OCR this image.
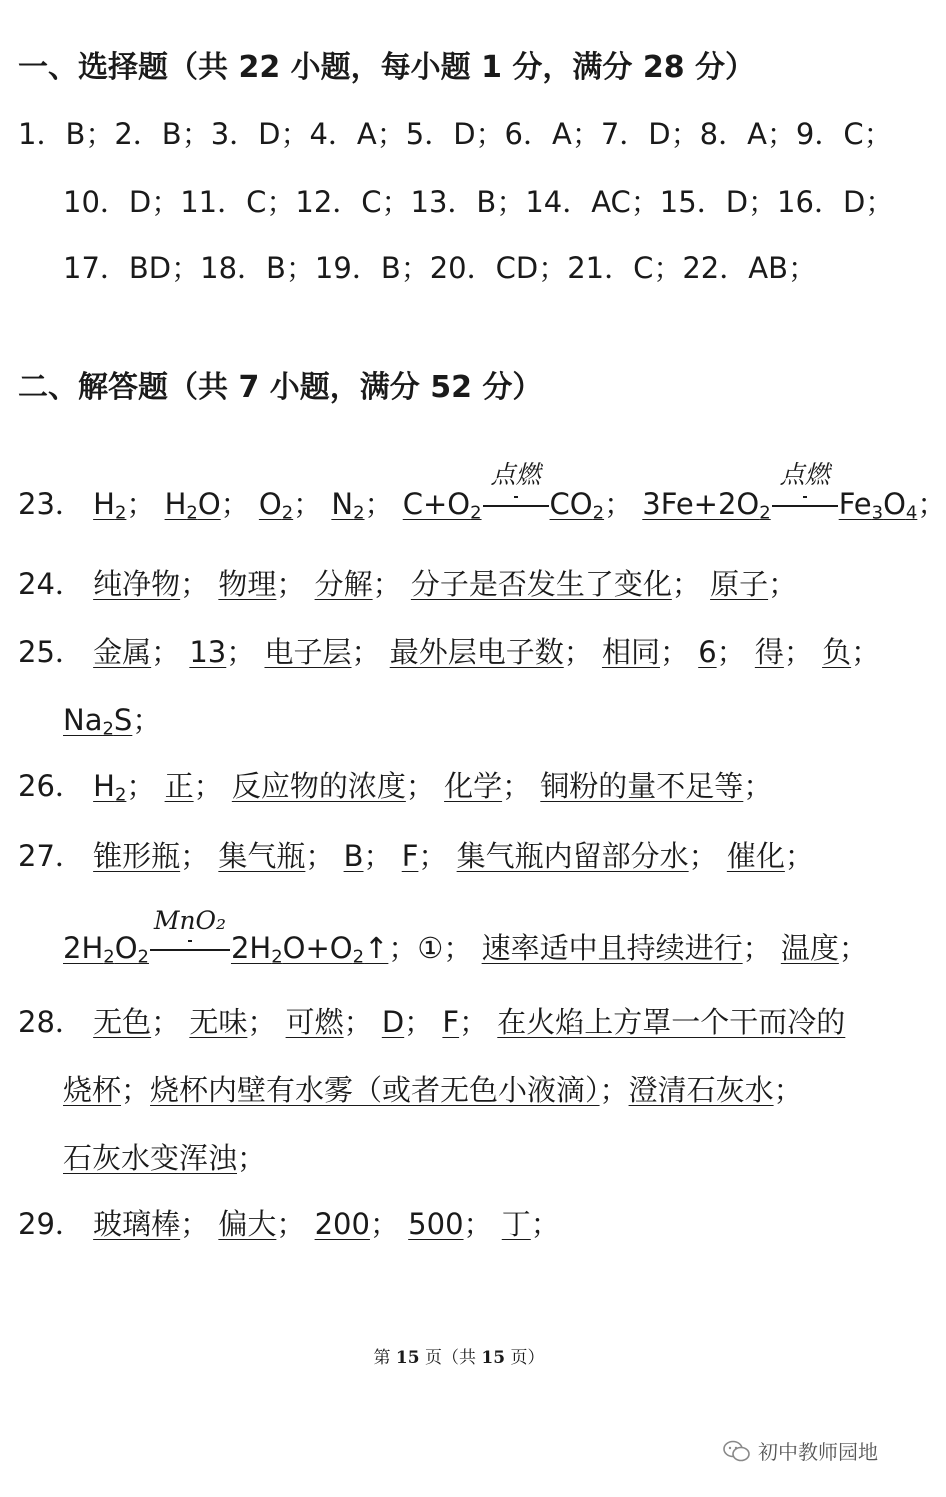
一、选择题（共 22 小题，每小题 1 分，满分 28 分）
1．B；2．B；3．D；4．A；5．D；6．A；7．D；8．A；9．C；
10．D；11．C；12．C；13．B；14．AC；15．D；16．D；
17．BD；18．B；19．B；20．CD；21．C；22．AB；
二、解答题（共 7 小题，满分 52 分）
23． $H_2$； $H_2O$； $O_2$； $N_2$； $C+O_2$
点燃
$CO_2$； $3Fe+2O_2$
点燃
$Fe_3O_4$；
24． 纯净物； 物理； 分解； 分子是否发生了变化； 原子；
25． 金属； 13； 电子层； 最外层电子数； 相同； 6； 得； 负；
$Na_2S$；
26． $H_2$； 正； 反应物的浓度； 化学； 铜粉的量不足等；
27． 锥形瓶； 集气瓶； B； F； 集气瓶内留部分水； 催化；
$2H_2O_2$
MnO₂
$2H_2O+O_2↑$；①； 速率适中且持续进行； 温度；
28． 无色； 无味； 可燃； D； F； 在火焰上方罩一个干而冷的
烧杯；烧杯内壁有水雾（或者无色小液滴）；澄清石灰水；
石灰水变浑浊；
29． 玻璃棒； 偏大； 200； 500； 丁；
第 15 页（共 15 页）
初中教师园地
